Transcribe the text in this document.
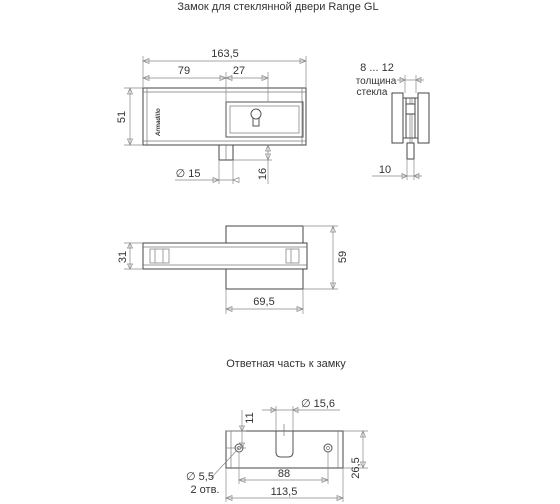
Замок для стеклянной двери Range GL
Ответная часть к замку
Armadillo
163,5
79	27
51
∅ 15	16
8 ... 12
толщина
стекла
10
31	59
69,5
11
∅ 15,6
∅ 5,5
2 отв.
88
113,5
26,5
